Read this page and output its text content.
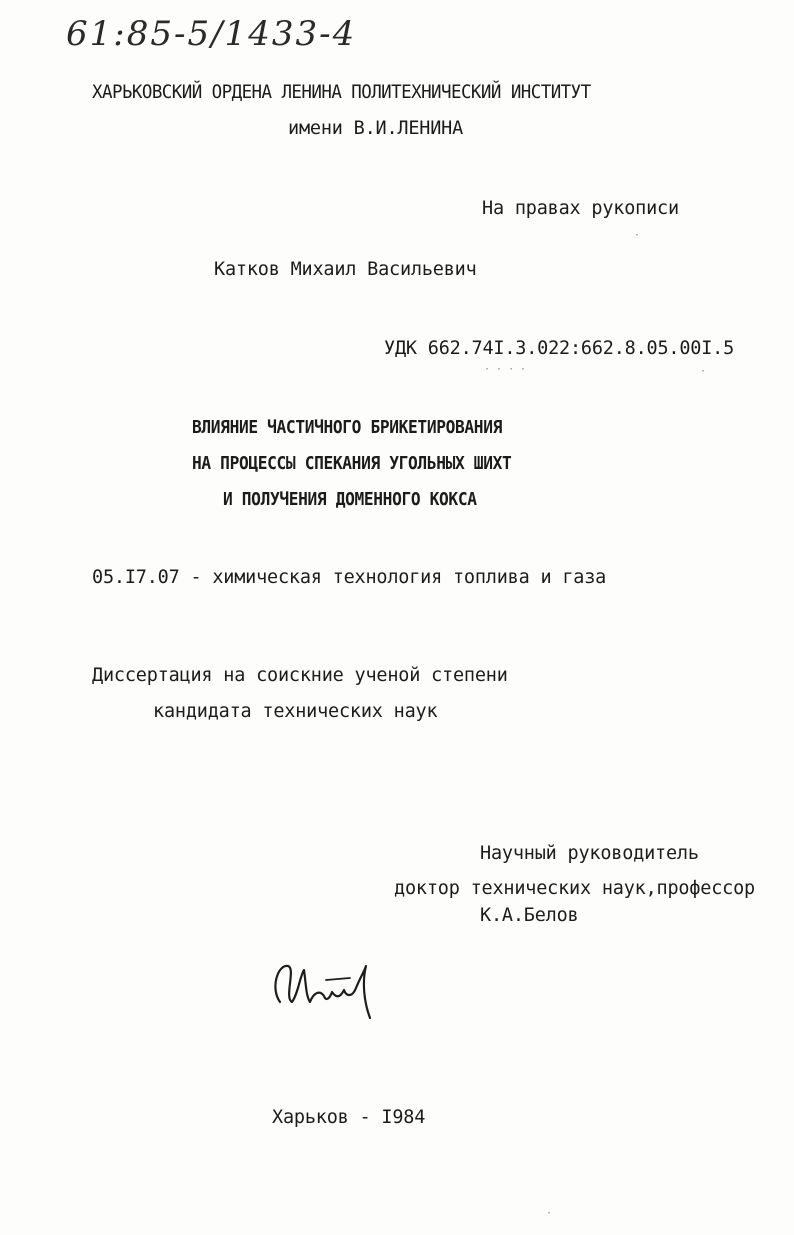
61:85-5/1433-4
ХАРЬКОВСКИЙ ОРДЕНА ЛЕНИНА ПОЛИТЕХНИЧЕСКИЙ ИНСТИТУТ
имени В.И.ЛЕНИНА
На правах рукописи
Катков Михаил Васильевич
УДК 662.74I.3.022:662.8.05.00I.5
ВЛИЯНИЕ ЧАСТИЧНОГО БРИКЕТИРОВАНИЯ
НА ПРОЦЕССЫ СПЕКАНИЯ УГОЛЬНЫХ ШИХТ
И ПОЛУЧЕНИЯ ДОМЕННОГО КОКСА
05.I7.07 - химическая технология топлива и газа
Диссертация на соискние ученой степени
кандидата технических наук
Научный руководитель
доктор технических наук,профессор
К.А.Белов
Харьков - I984
·
· · · ·	·
·
